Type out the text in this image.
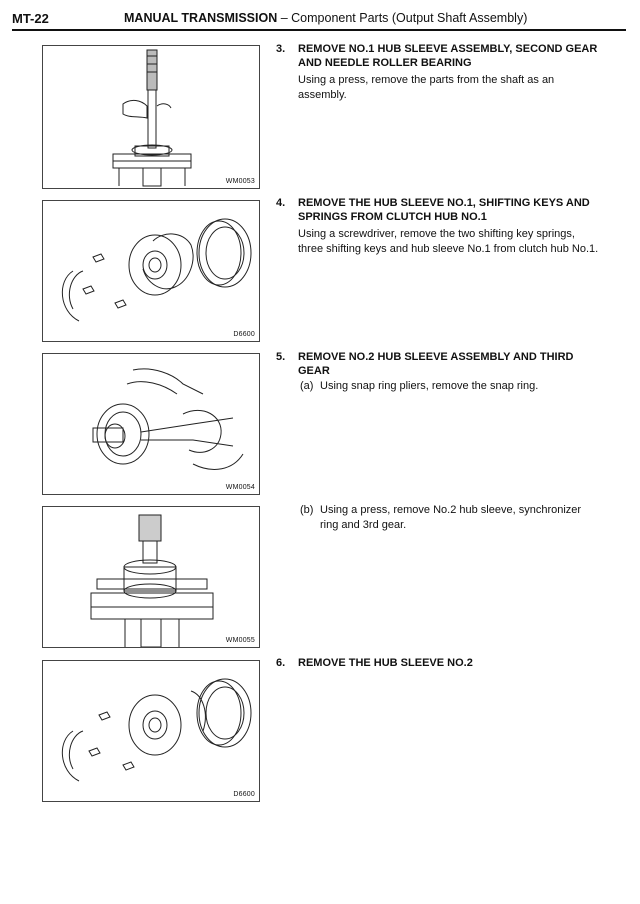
MT-22	MANUAL TRANSMISSION – Component Parts (Output Shaft Assembly)
WM0053
D6600
WM0054
WM0055
D6600
3.	REMOVE NO.1 HUB SLEEVE ASSEMBLY, SECOND GEAR AND NEEDLE ROLLER BEARING
Using a press, remove the parts from the shaft as an assembly.
4.	REMOVE THE HUB SLEEVE NO.1, SHIFTING KEYS AND SPRINGS FROM CLUTCH HUB NO.1
Using a screwdriver, remove the two shifting key springs, three shifting keys and hub sleeve No.1 from clutch hub No.1.
5.	REMOVE NO.2 HUB SLEEVE ASSEMBLY AND THIRD GEAR
(a) Using snap ring pliers, remove the snap ring.
(b) Using a press, remove No.2 hub sleeve, synchronizer ring and 3rd gear.
6.	REMOVE THE HUB SLEEVE NO.2
